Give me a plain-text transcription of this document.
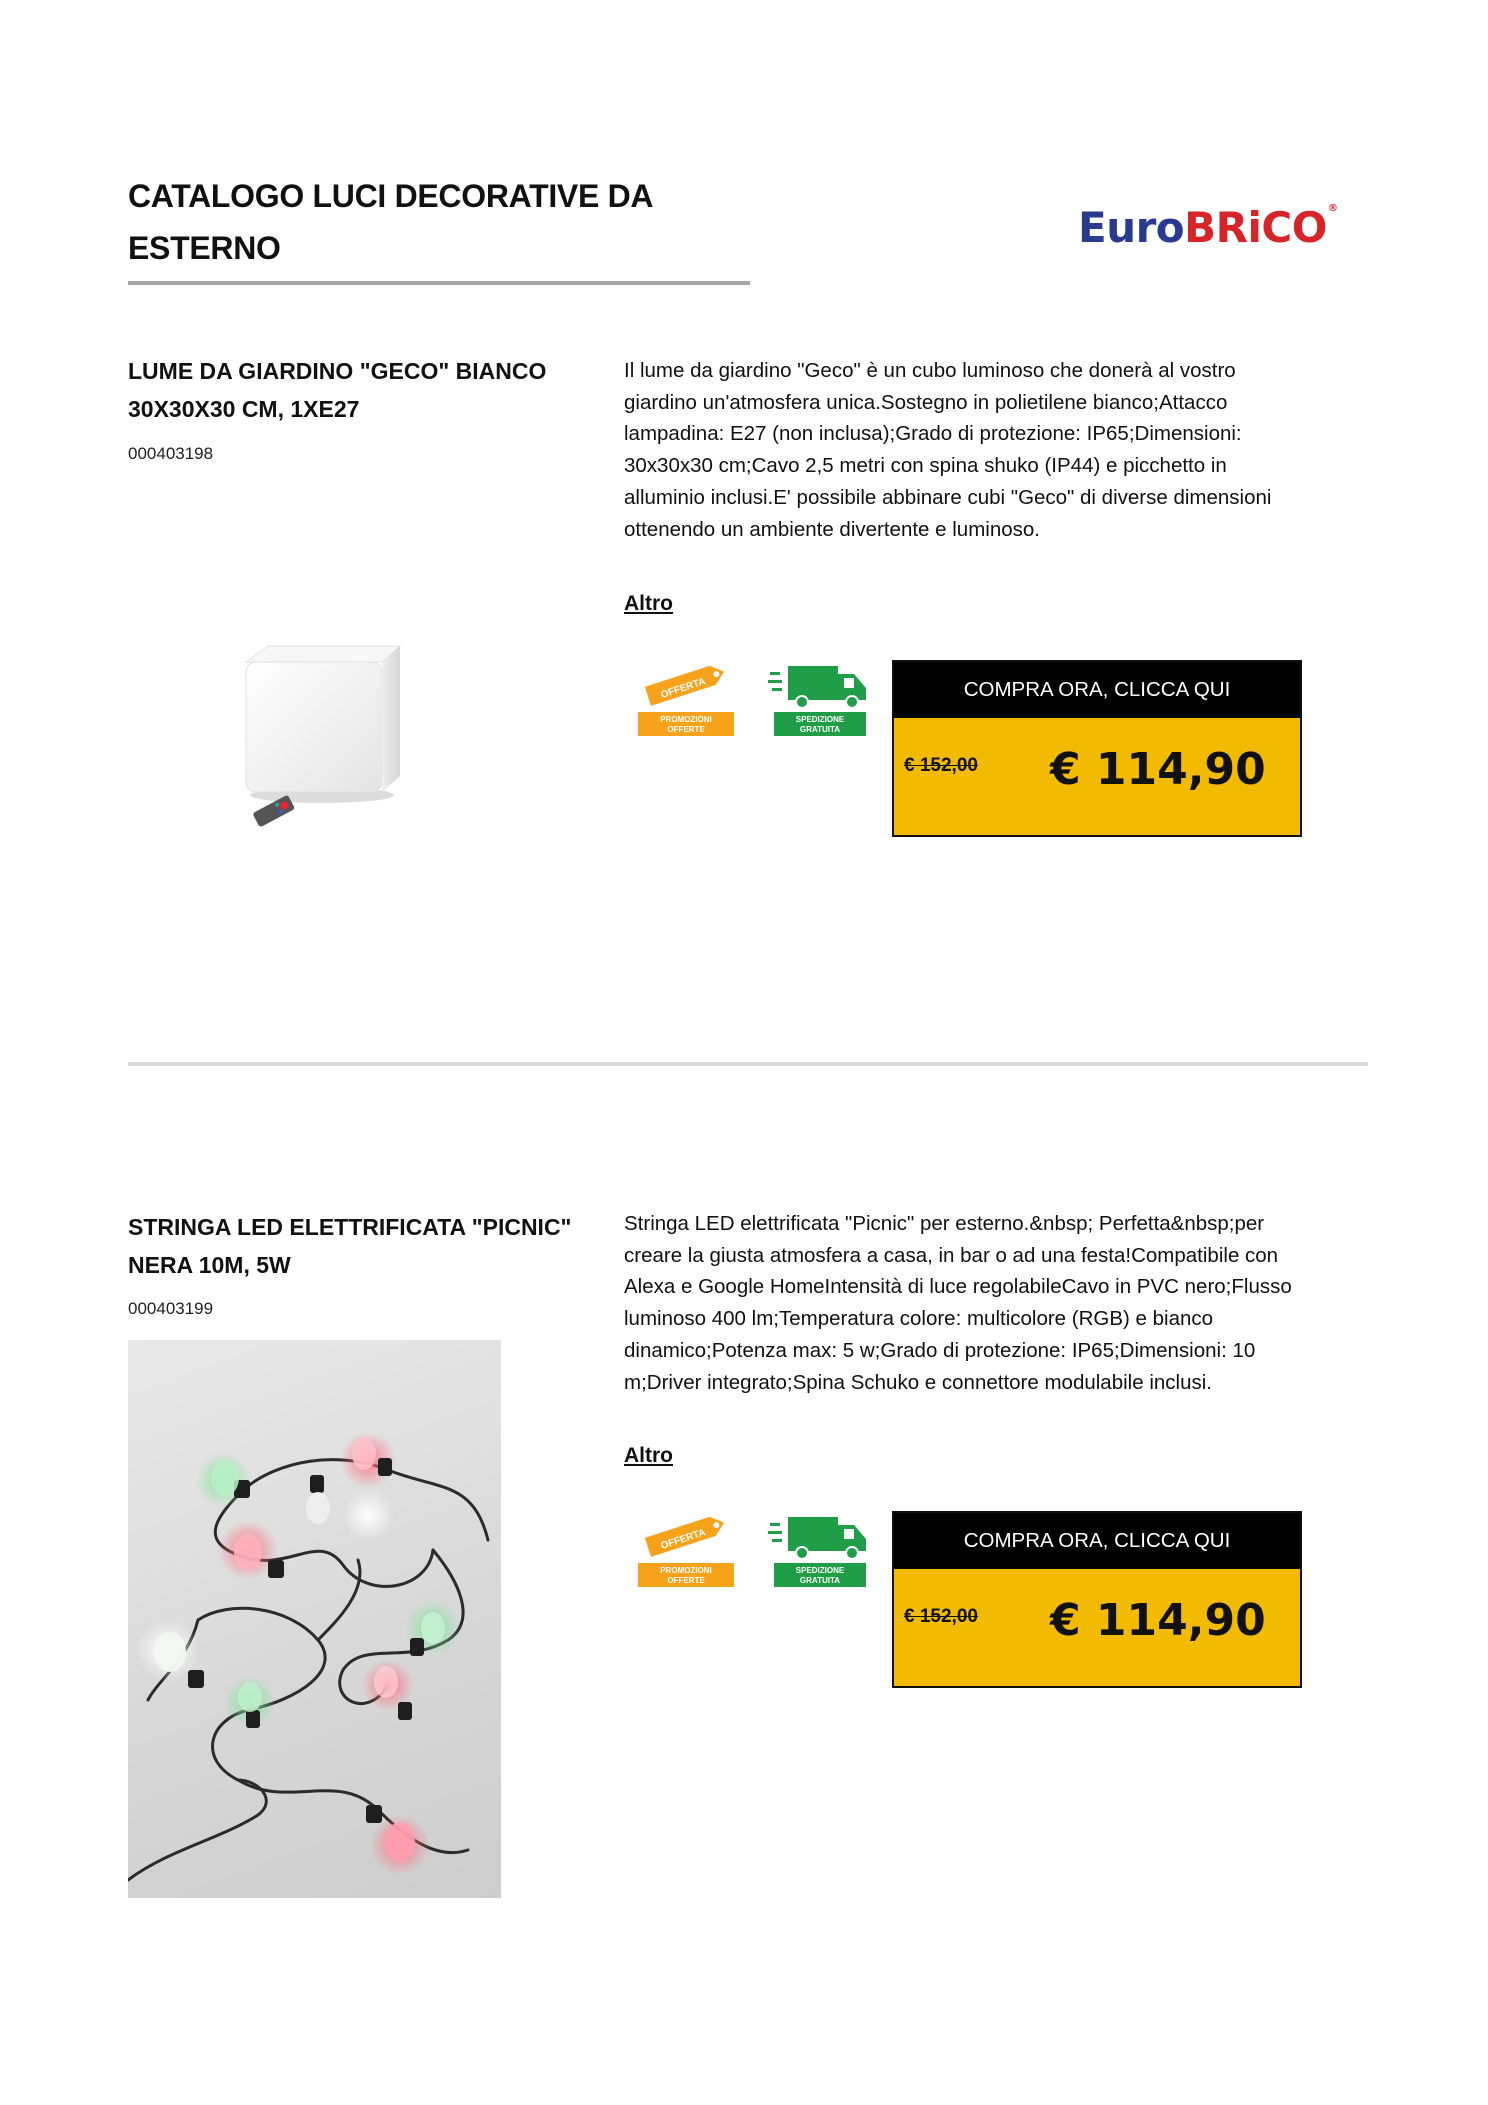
CATALOGO LUCI DECORATIVE DA ESTERNO	EuroBRiCO®
LUME DA GIARDINO "GECO" BIANCO 30X30X30 CM, 1XE27
000403198

Il lume da giardino "Geco" è un cubo luminoso che donerà al vostro giardino un'atmosfera unica.Sostegno in polietilene bianco;Attacco lampadina: E27 (non inclusa);Grado di protezione: IP65;Dimensioni: 30x30x30 cm;Cavo 2,5 metri con spina shuko (IP44) e picchetto in alluminio inclusi.E' possibile abbinare cubi "Geco" di diverse dimensioni ottenendo un ambiente divertente e luminoso.

Altro
OFFERTA
PROMOZIONI
OFFERTE
SPEDIZIONE
GRATUITA
COMPRA ORA, CLICCA QUI
€ 152,00 € 114,90
STRINGA LED ELETTRIFICATA "PICNIC" NERA 10M, 5W
000403199

Stringa LED elettrificata "Picnic" per esterno.&nbsp; Perfetta&nbsp;per creare la giusta atmosfera a casa, in bar o ad una festa!Compatibile con Alexa e Google HomeIntensità di luce regolabileCavo in PVC nero;Flusso luminoso 400 lm;Temperatura colore: multicolore (RGB) e bianco dinamico;Potenza max: 5 w;Grado di protezione: IP65;Dimensioni: 10 m;Driver integrato;Spina Schuko e connettore modulabile inclusi.

Altro
OFFERTA
PROMOZIONI
OFFERTE
SPEDIZIONE
GRATUITA
COMPRA ORA, CLICCA QUI
€ 152,00 € 114,90
